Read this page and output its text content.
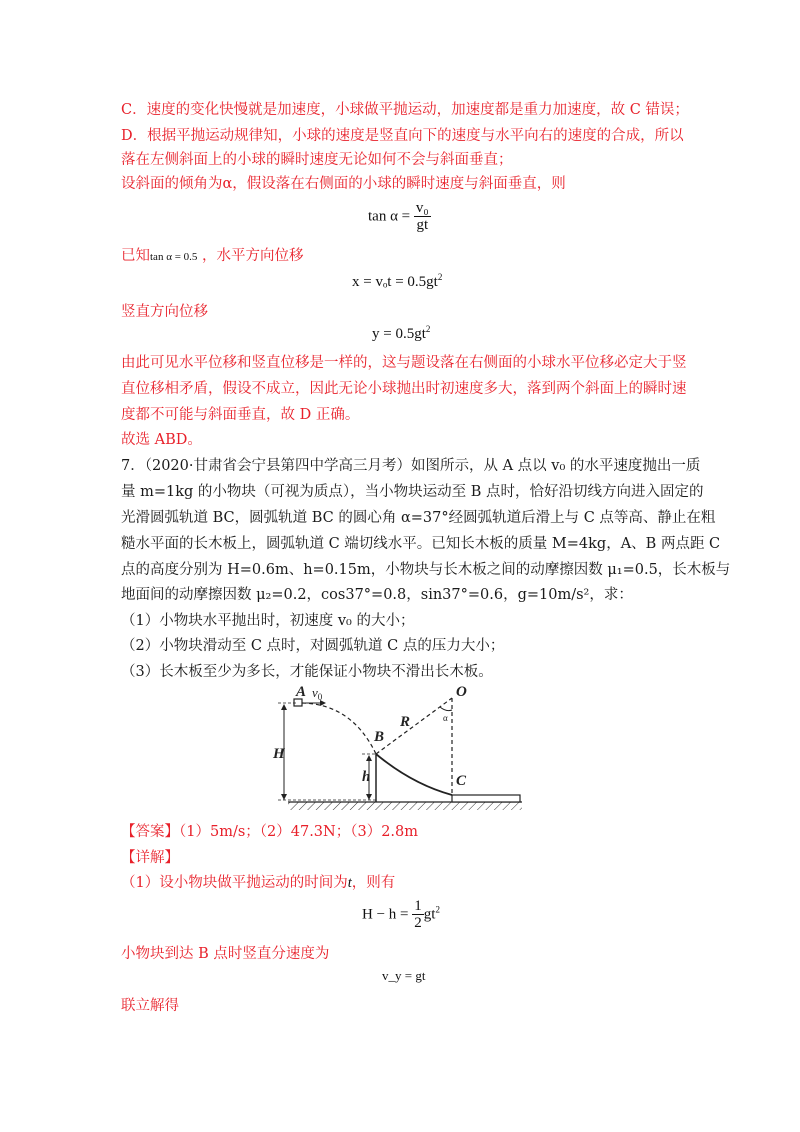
C．速度的变化快慢就是加速度，小球做平抛运动，加速度都是重力加速度，故 C 错误；
D．根据平抛运动规律知，小球的速度是竖直向下的速度与水平向右的速度的合成，所以
落在左侧斜面上的小球的瞬时速度无论如何不会与斜面垂直；
设斜面的倾角为α，假设落在右侧面的小球的瞬时速度与斜面垂直，则
$\tan \alpha = \frac{\text{v₀}}{gt}$
已知tan α = 0.5 ，水平方向位移
$x = v_ot = 0.5gt^2$
竖直方向位移
$y = 0.5gt^2$
由此可见水平位移和竖直位移是一样的，这与题设落在右侧面的小球水平位移必定大于竖
直位移相矛盾，假设不成立，因此无论小球抛出时初速度多大，落到两个斜面上的瞬时速
度都不可能与斜面垂直，故 D 正确。
故选 ABD。
7．（2020·甘肃省会宁县第四中学高三月考）如图所示，从 A 点以 v₀ 的水平速度抛出一质
量 m=1kg 的小物块（可视为质点），当小物块运动至 B 点时，恰好沿切线方向进入固定的
光滑圆弧轨道 BC，圆弧轨道 BC 的圆心角 α=37°经圆弧轨道后滑上与 C 点等高、静止在粗
糙水平面的长木板上，圆弧轨道 C 端切线水平。已知长木板的质量 M=4kg，A、B 两点距 C
点的高度分别为 H=0.6m、h=0.15m，小物块与长木板之间的动摩擦因数 μ₁=0.5，长木板与
地面间的动摩擦因数 μ₂=0.2，cos37°=0.8，sin37°=0.6，g=10m/s²，求：
（1）小物块水平抛出时，初速度 v₀ 的大小；
（2）小物块滑动至 C 点时，对圆弧轨道 C 点的压力大小；
（3）长木板至少为多长，才能保证小物块不滑出长木板。
A $v_0$	O
R	α
B
H
h	C
【答案】（1）5m/s；（2）47.3N；（3）2.8m
【详解】
（1）设小物块做平抛运动的时间为t，则有
$H - h = \frac{1}{2} gt^2$
小物块到达 B 点时竖直分速度为
v_y = gt
联立解得
